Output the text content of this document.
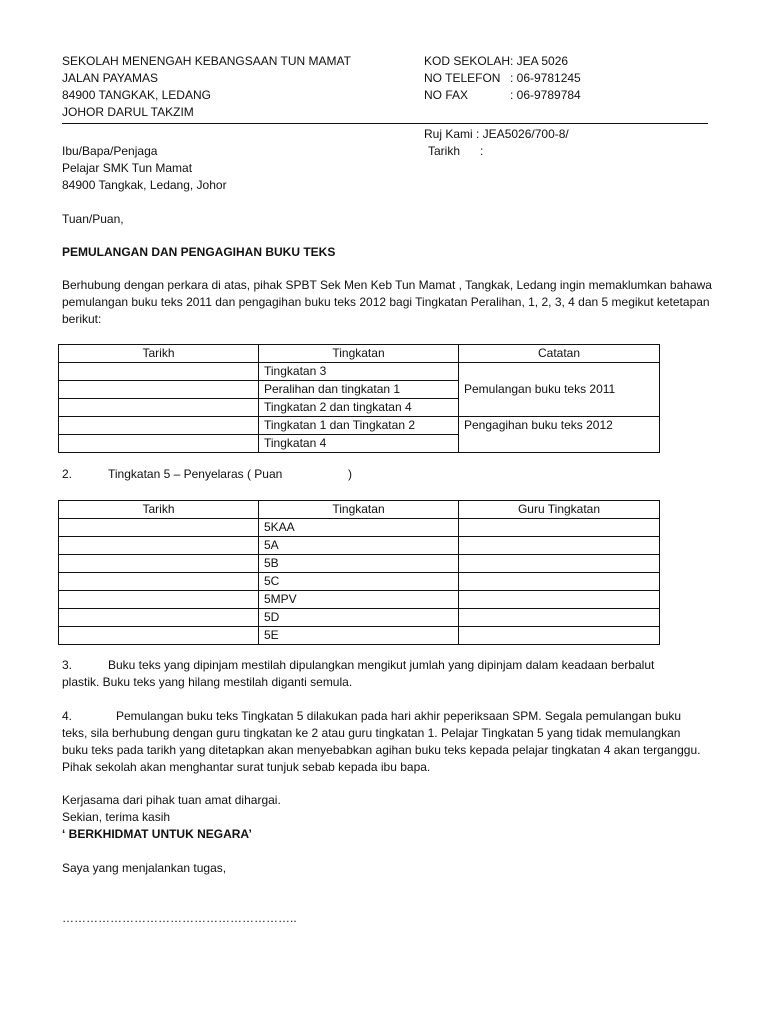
SEKOLAH MENENGAH KEBANGSAAN TUN MAMAT
JALAN PAYAMAS
84900 TANGKAK, LEDANG
JOHOR DARUL TAKZIM
KOD SEKOLAH : JEA 5026
NO TELEFON : 06-9781245
NO FAX	: 06-9789784
Ruj Kami : JEA5026/700-8/
Tarikh :
Ibu/Bapa/Penjaga
Pelajar SMK Tun Mamat
84900 Tangkak, Ledang, Johor
Tuan/Puan,
PEMULANGAN DAN PENGAGIHAN BUKU TEKS
Berhubung dengan perkara di atas, pihak SPBT Sek Men Keb Tun Mamat , Tangkak, Ledang ingin memaklumkan bahawa pemulangan buku teks 2011 dan pengagihan buku teks 2012 bagi Tingkatan Peralihan, 1, 2, 3, 4 dan 5 megikut ketetapan berikut:
Tarikh	Tingkatan	Catatan
	Tingkatan 3	Pemulangan buku teks 2011
	Peralihan dan tingkatan 1	
	Tingkatan 2 dan tingkatan 4	
	Tingkatan 1 dan Tingkatan 2	Pengagihan buku teks 2012
	Tingkatan 4	
2.	Tingkatan 5 – Penyelaras ( Puan	)
Tarikh	Tingkatan	Guru Tingkatan
	5KAA	
	5A	
	5B	
	5C	
	5MPV	
	5D	
	5E	
3.	Buku teks yang dipinjam mestilah dipulangkan mengikut jumlah yang dipinjam dalam keadaan berbalut
plastik. Buku teks yang hilang mestilah diganti semula.
4.	Pemulangan buku teks Tingkatan 5 dilakukan pada hari akhir peperiksaan SPM. Segala pemulangan buku
teks, sila berhubung dengan guru tingkatan ke 2 atau guru tingkatan 1. Pelajar Tingkatan 5 yang tidak memulangkan buku teks pada tarikh yang ditetapkan akan menyebabkan agihan buku teks kepada pelajar tingkatan 4 akan terganggu. Pihak sekolah akan menghantar surat tunjuk sebab kepada ibu bapa.
Kerjasama dari pihak tuan amat dihargai.
Sekian, terima kasih
‘ BERKHIDMAT UNTUK NEGARA’
Saya yang menjalankan tugas,
…………………………………………………..
